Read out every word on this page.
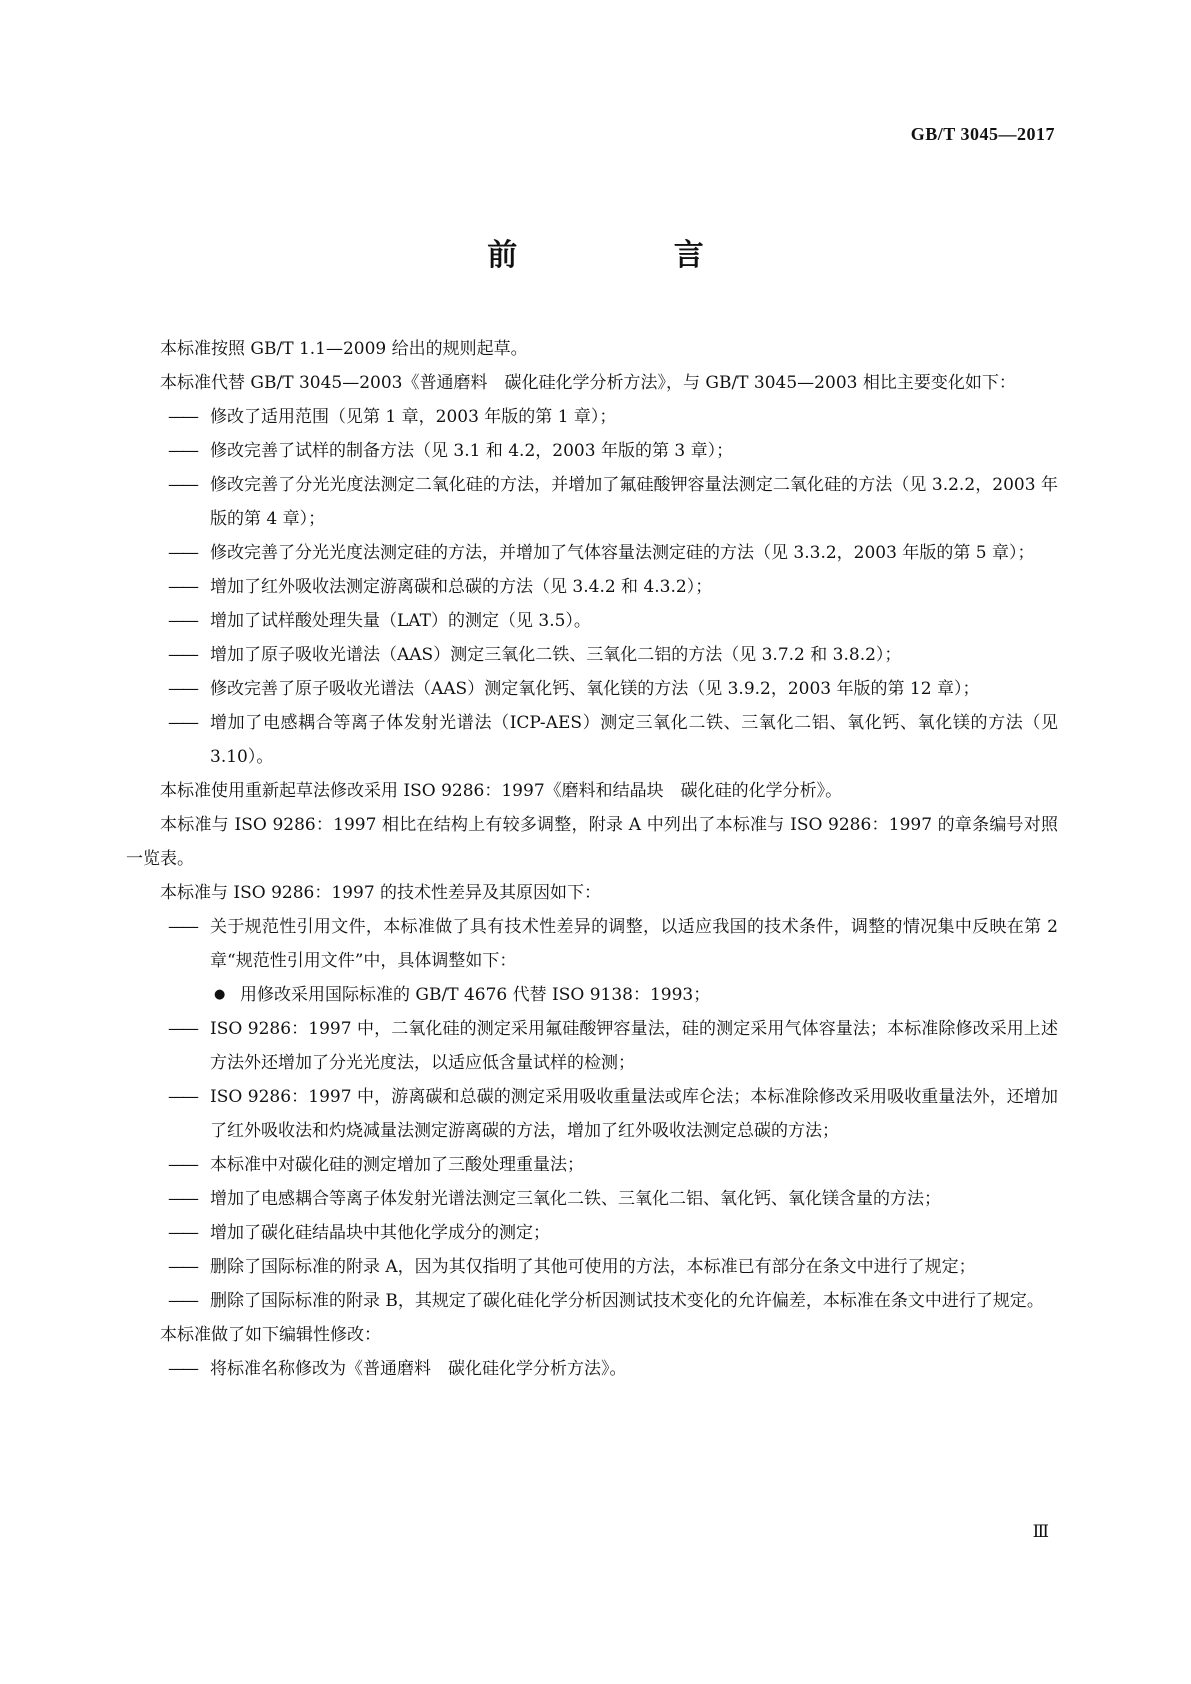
GB/T 3045—2017
前 言

本标准按照 GB/T 1.1—2009 给出的规则起草。

本标准代替 GB/T 3045—2003《普通磨料　碳化硅化学分析方法》，与 GB/T 3045—2003 相比主要变化如下：

—— 修改了适用范围（见第 1 章，2003 年版的第 1 章）；
—— 修改完善了试样的制备方法（见 3.1 和 4.2，2003 年版的第 3 章）；
—— 修改完善了分光光度法测定二氧化硅的方法，并增加了氟硅酸钾容量法测定二氧化硅的方法（见 3.2.2，2003 年版的第 4 章）；
—— 修改完善了分光光度法测定硅的方法，并增加了气体容量法测定硅的方法（见 3.3.2，2003 年版的第 5 章）；
—— 增加了红外吸收法测定游离碳和总碳的方法（见 3.4.2 和 4.3.2）；
—— 增加了试样酸处理失量（LAT）的测定（见 3.5）。
—— 增加了原子吸收光谱法（AAS）测定三氧化二铁、三氧化二铝的方法（见 3.7.2 和 3.8.2）；
—— 修改完善了原子吸收光谱法（AAS）测定氧化钙、氧化镁的方法（见 3.9.2，2003 年版的第 12 章）；
—— 增加了电感耦合等离子体发射光谱法（ICP-AES）测定三氧化二铁、三氧化二铝、氧化钙、氧化镁的方法（见 3.10）。

本标准使用重新起草法修改采用 ISO 9286：1997《磨料和结晶块　碳化硅的化学分析》。

本标准与 ISO 9286：1997 相比在结构上有较多调整，附录 A 中列出了本标准与 ISO 9286：1997 的章条编号对照一览表。

本标准与 ISO 9286：1997 的技术性差异及其原因如下：

—— 关于规范性引用文件，本标准做了具有技术性差异的调整，以适应我国的技术条件，调整的情况集中反映在第 2 章“规范性引用文件”中，具体调整如下：
● 用修改采用国际标准的 GB/T 4676 代替 ISO 9138：1993；
—— ISO 9286：1997 中，二氧化硅的测定采用氟硅酸钾容量法，硅的测定采用气体容量法；本标准除修改采用上述方法外还增加了分光光度法，以适应低含量试样的检测；
—— ISO 9286：1997 中，游离碳和总碳的测定采用吸收重量法或库仑法；本标准除修改采用吸收重量法外，还增加了红外吸收法和灼烧减量法测定游离碳的方法，增加了红外吸收法测定总碳的方法；
—— 本标准中对碳化硅的测定增加了三酸处理重量法；
—— 增加了电感耦合等离子体发射光谱法测定三氧化二铁、三氧化二铝、氧化钙、氧化镁含量的方法；
—— 增加了碳化硅结晶块中其他化学成分的测定；
—— 删除了国际标准的附录 A，因为其仅指明了其他可使用的方法，本标准已有部分在条文中进行了规定；
—— 删除了国际标准的附录 B，其规定了碳化硅化学分析因测试技术变化的允许偏差，本标准在条文中进行了规定。

本标准做了如下编辑性修改：

—— 将标准名称修改为《普通磨料　碳化硅化学分析方法》。
Ⅲ
